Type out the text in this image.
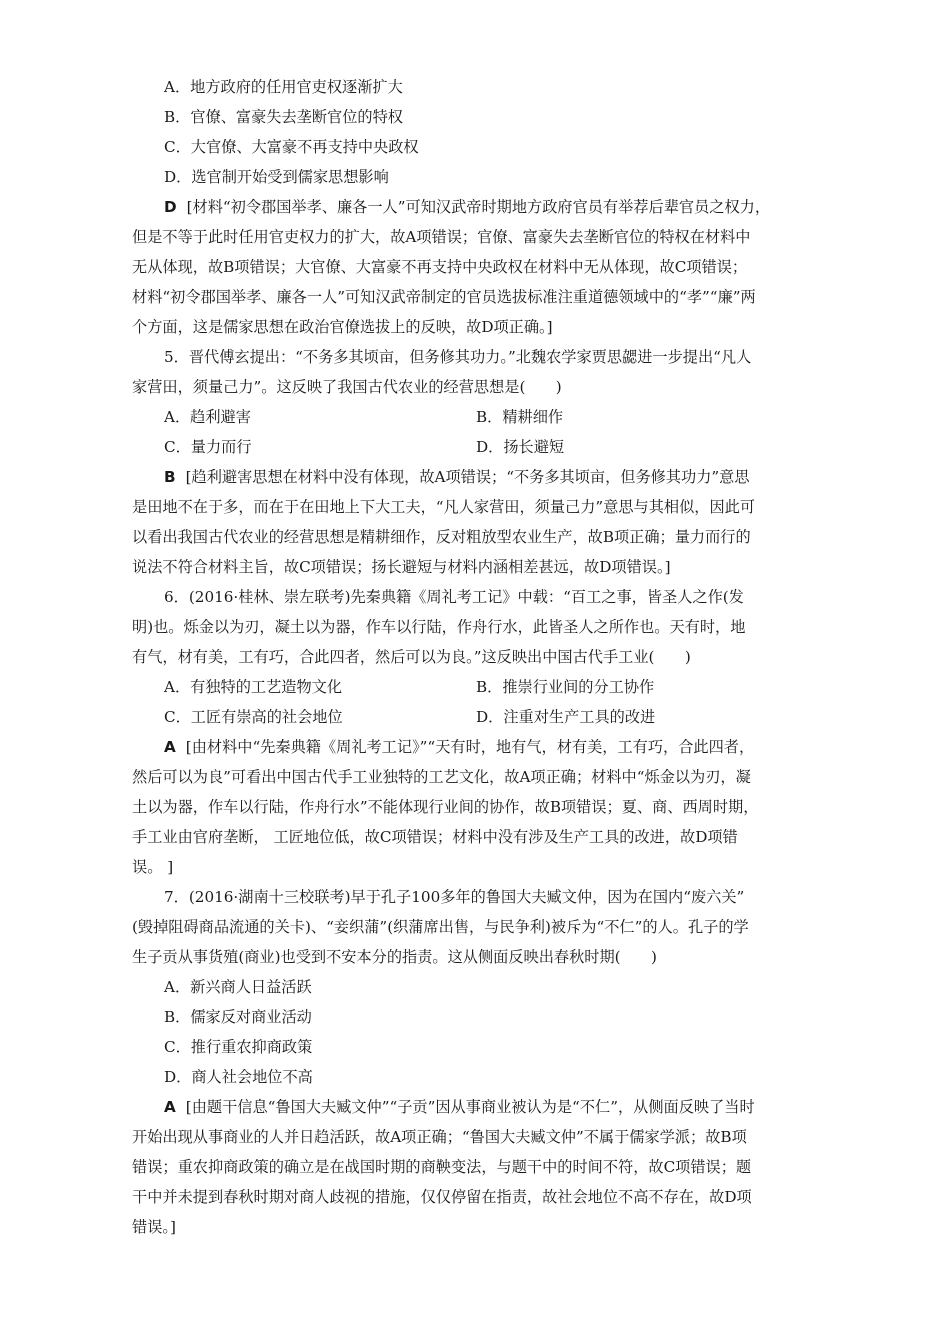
A．地方政府的任用官吏权逐渐扩大
B．官僚、富豪失去垄断官位的特权
C．大官僚、大富豪不再支持中央政权
D．选官制开始受到儒家思想影响
D [材料“初令郡国举孝、廉各一人”可知汉武帝时期地方政府官员有举荐后辈官员之权力，
但是不等于此时任用官吏权力的扩大，故A项错误；官僚、富豪失去垄断官位的特权在材料中
无从体现，故B项错误；大官僚、大富豪不再支持中央政权在材料中无从体现，故C项错误；
材料“初令郡国举孝、廉各一人”可知汉武帝制定的官员选拔标准注重道德领域中的“孝”“廉”两
个方面，这是儒家思想在政治官僚选拔上的反映，故D项正确。]
5．晋代傅玄提出：“不务多其顷亩，但务修其功力。”北魏农学家贾思勰进一步提出“凡人
家营田，须量己力”。这反映了我国古代农业的经营思想是(　　)
A．趋利避害	B．精耕细作
C．量力而行	D．扬长避短
B [趋利避害思想在材料中没有体现，故A项错误；“不务多其顷亩，但务修其功力”意思
是田地不在于多，而在于在田地上下大工夫，“凡人家营田，须量己力”意思与其相似，因此可
以看出我国古代农业的经营思想是精耕细作，反对粗放型农业生产，故B项正确；量力而行的
说法不符合材料主旨，故C项错误；扬长避短与材料内涵相差甚远，故D项错误。]
6．(2016·桂林、崇左联考)先秦典籍《周礼考工记》中载：“百工之事，皆圣人之作(发
明)也。烁金以为刃，凝土以为器，作车以行陆，作舟行水，此皆圣人之所作也。天有时，地
有气，材有美，工有巧，合此四者，然后可以为良。”这反映出中国古代手工业(　　)
A．有独特的工艺造物文化	B．推崇行业间的分工协作
C．工匠有崇高的社会地位	D．注重对生产工具的改进
A [由材料中“先秦典籍《周礼考工记》”“天有时，地有气，材有美，工有巧，合此四者，
然后可以为良”可看出中国古代手工业独特的工艺文化，故A项正确；材料中“烁金以为刃，凝
土以为器，作车以行陆，作舟行水”不能体现行业间的协作，故B项错误；夏、商、西周时期，
手工业由官府垄断， 工匠地位低，故C项错误；材料中没有涉及生产工具的改进，故D项错
误。 ]
7．(2016·湖南十三校联考)早于孔子100多年的鲁国大夫臧文仲，因为在国内“废六关”
(毁掉阻碍商品流通的关卡)、“妾织蒲”(织蒲席出售，与民争利)被斥为“不仁”的人。孔子的学
生子贡从事货殖(商业)也受到不安本分的指责。这从侧面反映出春秋时期(　　)
A．新兴商人日益活跃
B．儒家反对商业活动
C．推行重农抑商政策
D．商人社会地位不高
A [由题干信息“鲁国大夫臧文仲”“子贡”因从事商业被认为是“不仁”，从侧面反映了当时
开始出现从事商业的人并日趋活跃，故A项正确；“鲁国大夫臧文仲”不属于儒家学派；故B项
错误；重农抑商政策的确立是在战国时期的商鞅变法，与题干中的时间不符，故C项错误；题
干中并未提到春秋时期对商人歧视的措施，仅仅停留在指责，故社会地位不高不存在，故D项
错误。]
